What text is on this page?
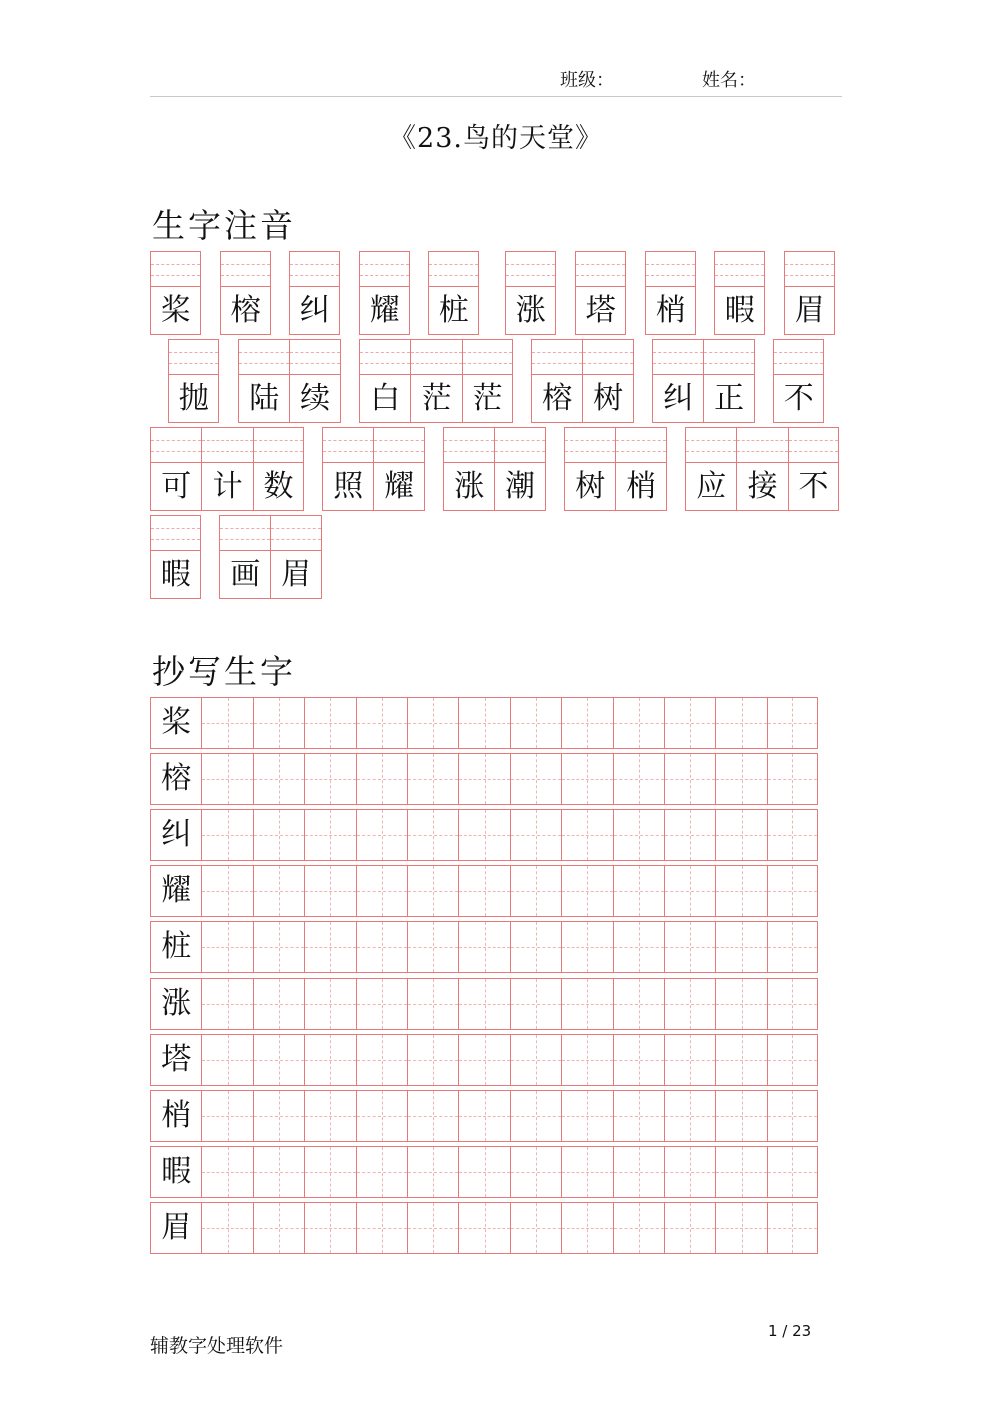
班级：	姓名：
《23.鸟的天堂》
生字注音
桨	榕	纠	耀	桩	涨	塔	梢	暇	眉
抛	陆 续	白 茫 茫	榕 树	纠 正	不
可 计 数	照 耀	涨 潮	树 梢	应 接 不
暇	画 眉
抄写生字
桨
榕
纠
耀
桩
涨
塔
梢
暇
眉
1 / 23
辅教字处理软件
